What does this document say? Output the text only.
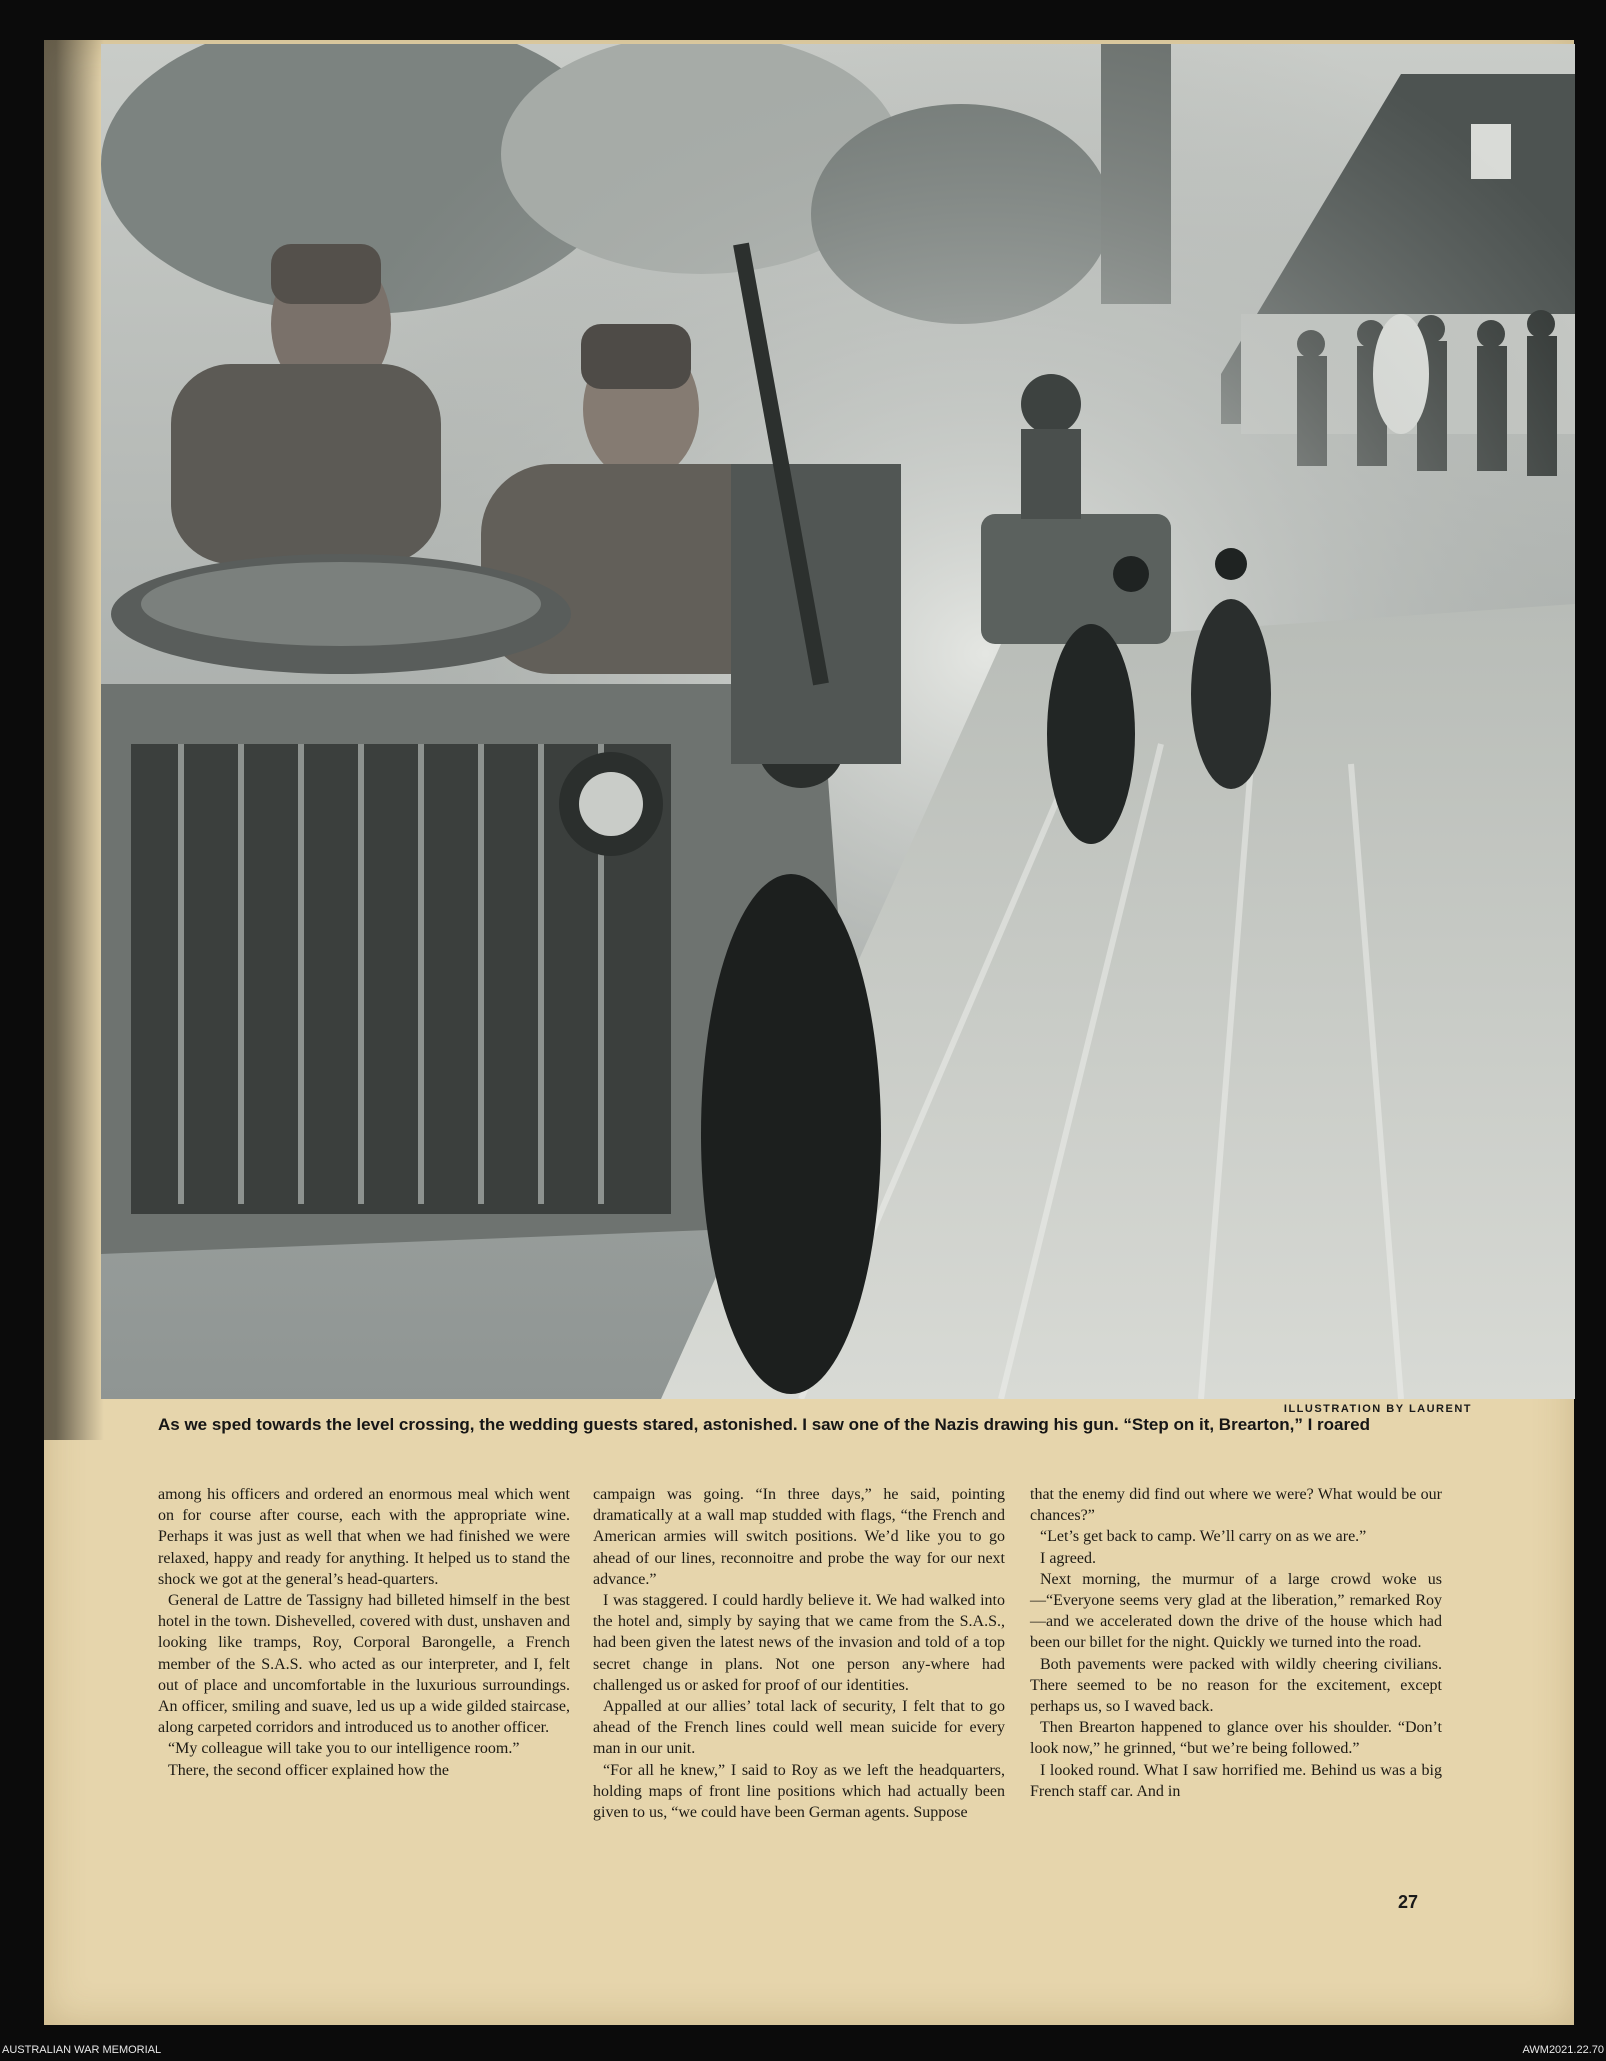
ILLUSTRATION BY LAURENT
As we sped towards the level crossing, the wedding guests stared, astonished. I saw one of the Nazis drawing his gun. “Step on it, Brearton,” I roared

among his officers and ordered an enormous meal which went on for course after course, each with the appropriate wine. Perhaps it was just as well that when we had finished we were relaxed, happy and ready for anything. It helped us to stand the shock we got at the general’s head-quarters.

General de Lattre de Tassigny had billeted himself in the best hotel in the town. Dishevelled, covered with dust, unshaven and looking like tramps, Roy, Corporal Barongelle, a French member of the S.A.S. who acted as our interpreter, and I, felt out of place and uncomfortable in the luxurious surroundings. An officer, smiling and suave, led us up a wide gilded staircase, along carpeted corridors and introduced us to another officer.

“My colleague will take you to our intelligence room.”

There, the second officer explained how the

campaign was going. “In three days,” he said, pointing dramatically at a wall map studded with flags, “the French and American armies will switch positions. We’d like you to go ahead of our lines, reconnoitre and probe the way for our next advance.”

I was staggered. I could hardly believe it. We had walked into the hotel and, simply by saying that we came from the S.A.S., had been given the latest news of the invasion and told of a top secret change in plans. Not one person any-where had challenged us or asked for proof of our identities.

Appalled at our allies’ total lack of security, I felt that to go ahead of the French lines could well mean suicide for every man in our unit.

“For all he knew,” I said to Roy as we left the headquarters, holding maps of front line positions which had actually been given to us, “we could have been German agents. Suppose

that the enemy did find out where we were? What would be our chances?”

“Let’s get back to camp. We’ll carry on as we are.”

I agreed.

Next morning, the murmur of a large crowd woke us—“Everyone seems very glad at the liberation,” remarked Roy—and we accelerated down the drive of the house which had been our billet for the night. Quickly we turned into the road.

Both pavements were packed with wildly cheering civilians. There seemed to be no reason for the excitement, except perhaps us, so I waved back.

Then Brearton happened to glance over his shoulder. “Don’t look now,” he grinned, “but we’re being followed.”

I looked round. What I saw horrified me. Behind us was a big French staff car. And in

27
AUSTRALIAN WAR MEMORIAL	AWM2021.22.70
